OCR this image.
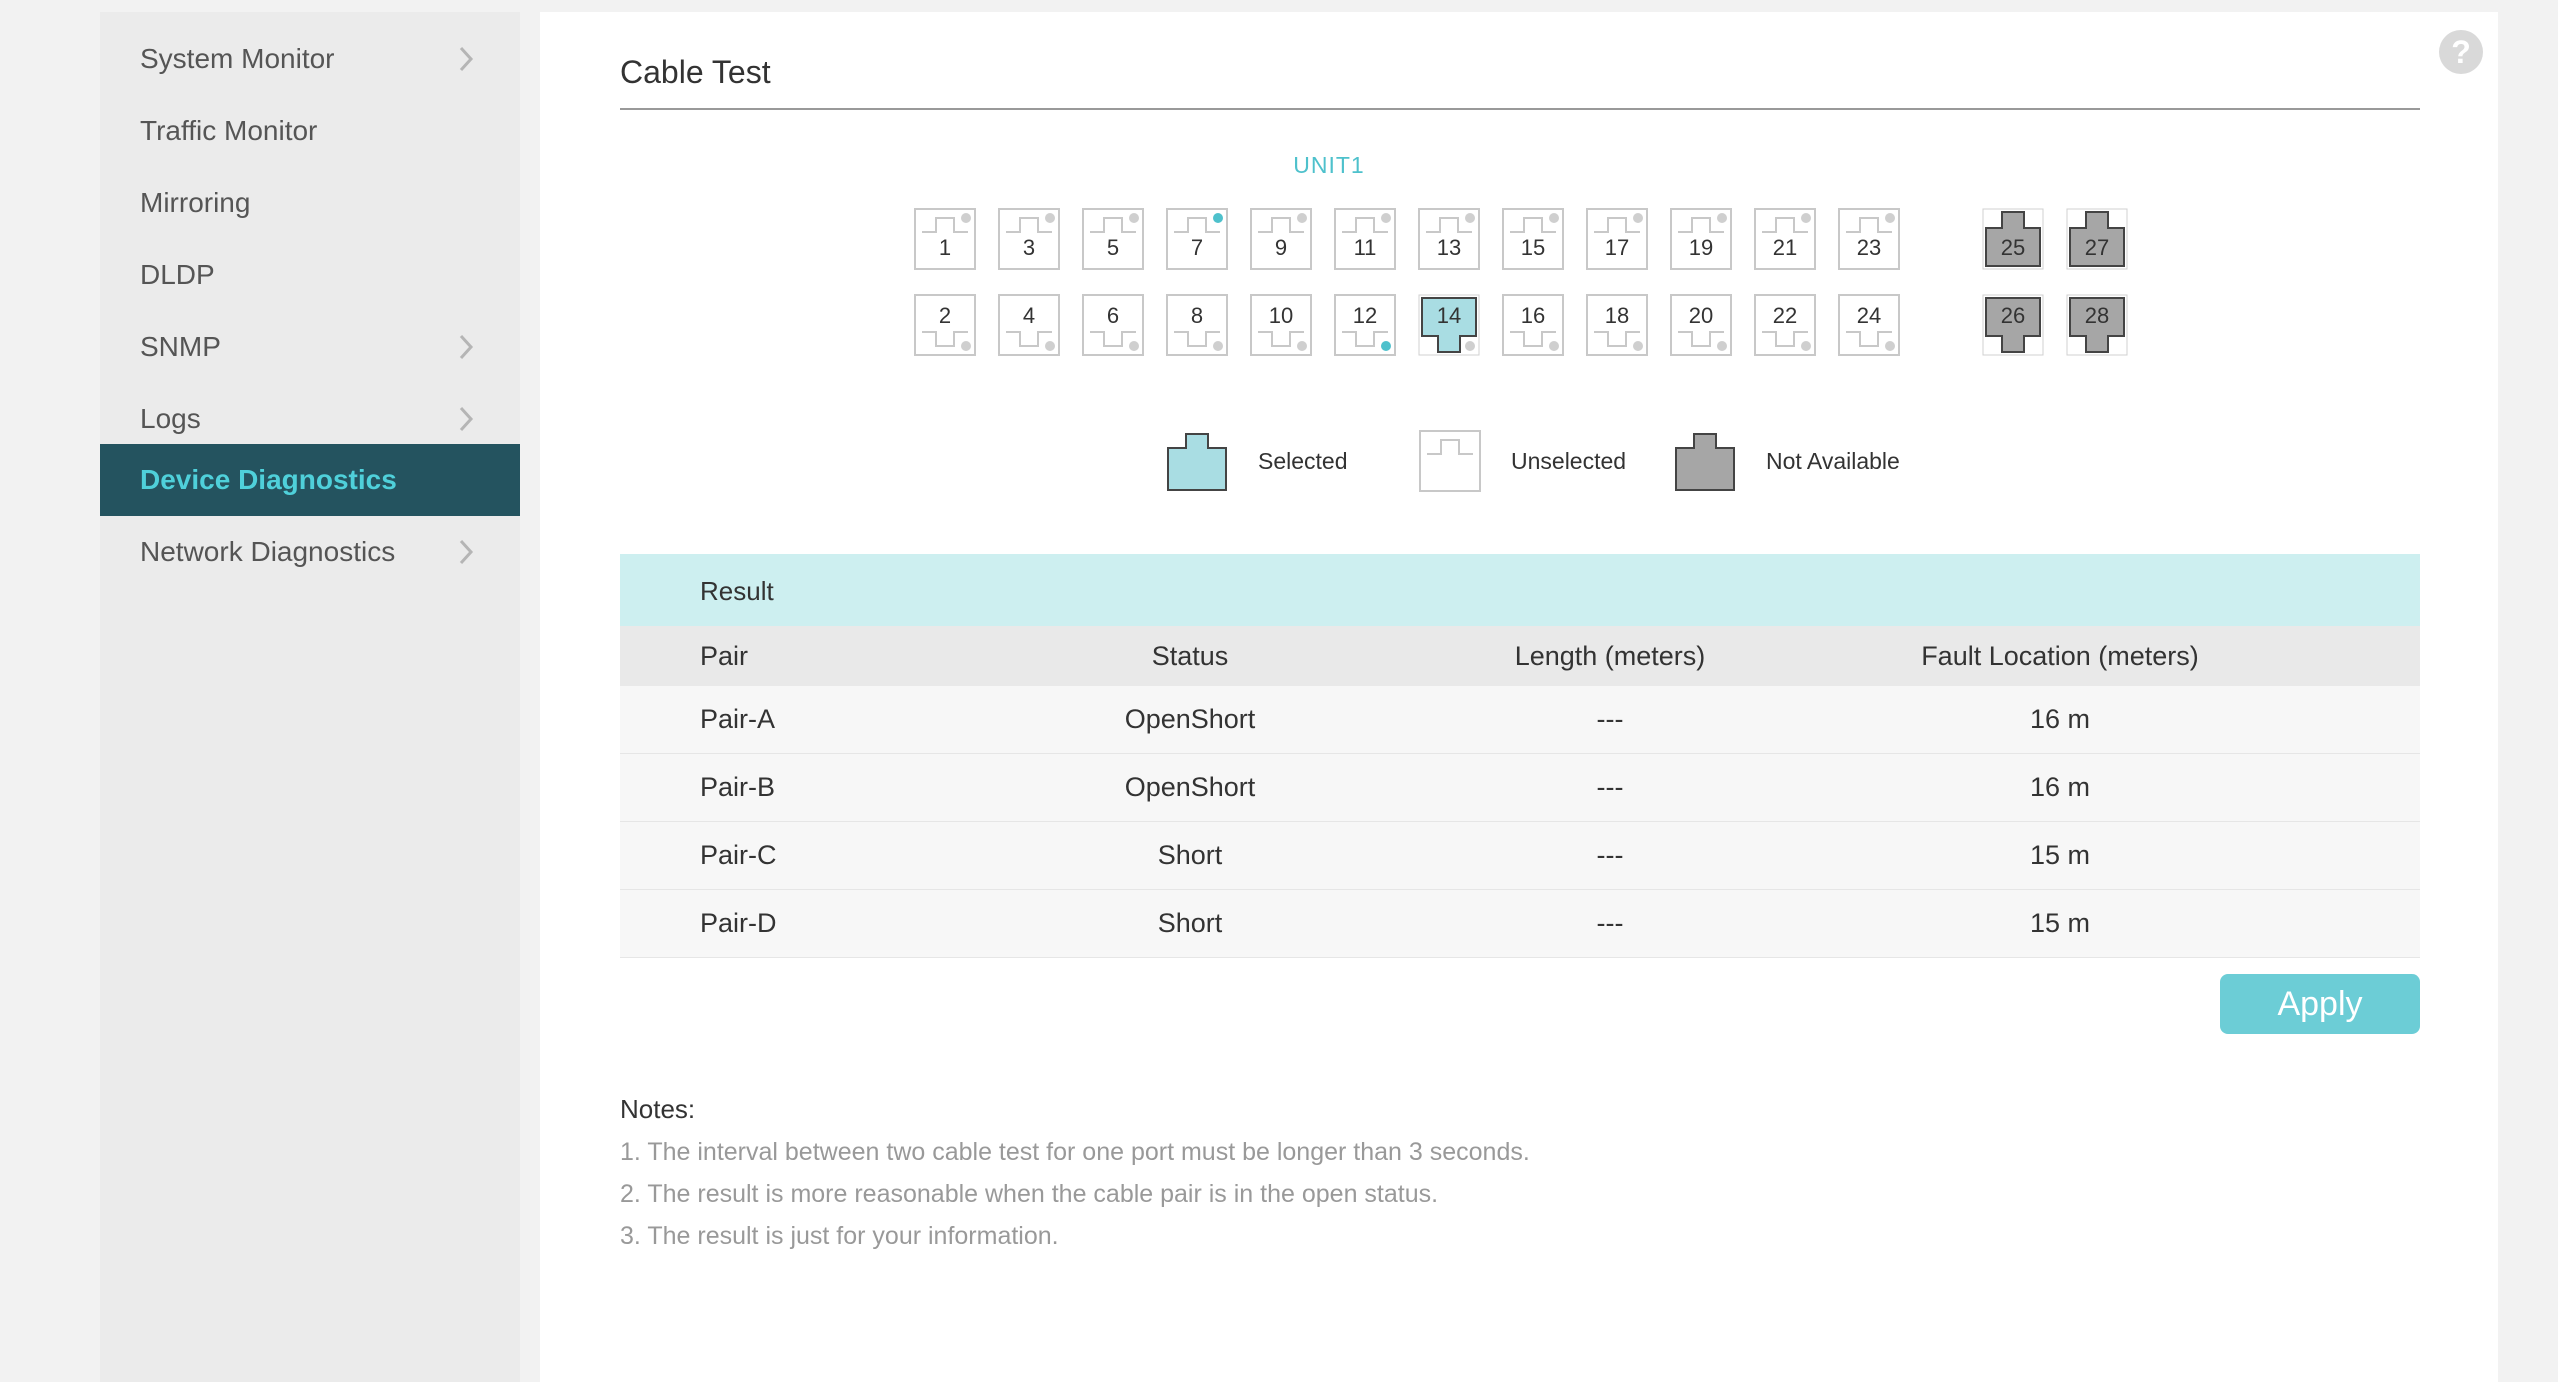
System Monitor
Traffic Monitor
Mirroring
DLDP
SNMP
Logs
Device Diagnostics
Network Diagnostics
?
Cable Test
UNIT1
1	3	5	7	9	11	13	15	17	19	21	23	25	27
2	4	6	8	10	12	14	16	18	20	22	24	26	28
Selected	Unselected	Not Available
Result
Pair	Status	Length (meters)	Fault Location (meters)
Pair-A	OpenShort	---	16 m
Pair-B	OpenShort	---	16 m
Pair-C	Short	---	15 m
Pair-D	Short	---	15 m
Apply
Notes:
1. The interval between two cable test for one port must be longer than 3 seconds.
2. The result is more reasonable when the cable pair is in the open status.
3. The result is just for your information.
